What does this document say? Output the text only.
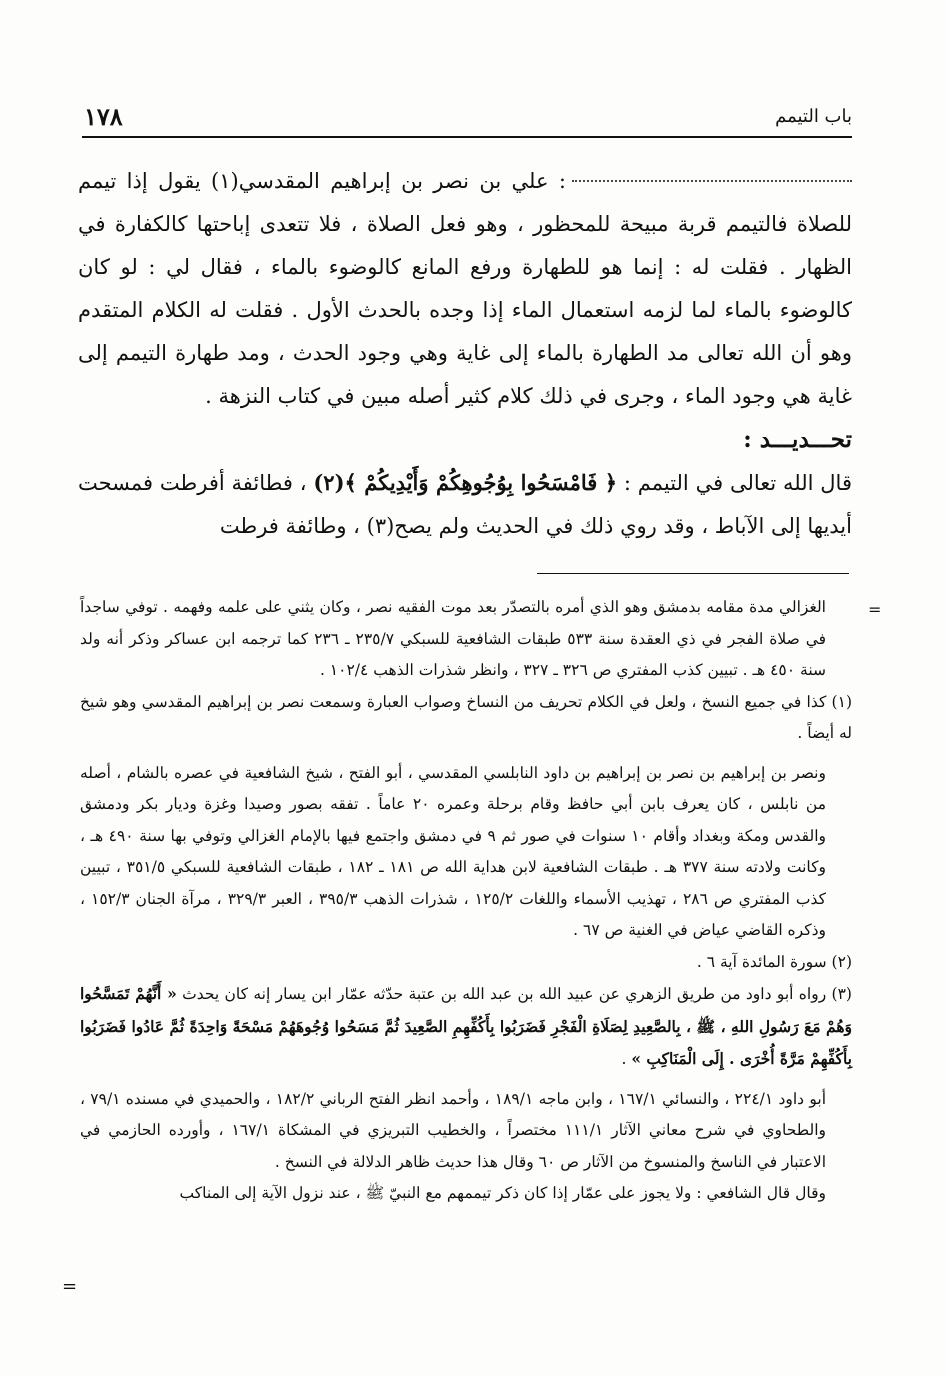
باب التيمم
١٧٨

: علي بن نصر بن إبراهيم المقدسي(١) يقول إذا تيمم للصلاة فالتيمم قربة مبيحة للمحظور ، وهو فعل الصلاة ، فلا تتعدى إباحتها كالكفارة في الظهار . فقلت له : إنما هو للطهارة ورفع المانع كالوضوء بالماء ، فقال لي : لو كان كالوضوء بالماء لما لزمه استعمال الماء إذا وجده بالحدث الأول . فقلت له الكلام المتقدم وهو أن الله تعالى مد الطهارة بالماء إلى غاية وهي وجود الحدث ، ومد طهارة التيمم إلى غاية هي وجود الماء ، وجرى في ذلك كلام كثير أصله مبين في كتاب النزهة .

تحـــديـــد :

قال الله تعالى في التيمم : ﴿ فَامْسَحُوا بِوُجُوهِكُمْ وَأَيْدِيكُمْ ﴾(٢) ، فطائفة أفرطت فمسحت أيديها إلى الآباط ، وقد روي ذلك في الحديث ولم يصح(٣) ، وطائفة فرطت

=

الغزالي مدة مقامه بدمشق وهو الذي أمره بالتصدّر بعد موت الفقيه نصر ، وكان يثني على علمه وفهمه . توفي ساجداً في صلاة الفجر في ذي العقدة سنة ٥٣٣ طبقات الشافعية للسبكي ٢٣٥/٧ ـ ٢٣٦ كما ترجمه ابن عساكر وذكر أنه ولد سنة ٤٥٠ هـ . تبيين كذب المفتري ص ٣٢٦ ـ ٣٢٧ ، وانظر شذرات الذهب ١٠٢/٤ .

(١) كذا في جميع النسخ ، ولعل في الكلام تحريف من النساخ وصواب العبارة وسمعت نصر بن إبراهيم المقدسي وهو شيخ له أيضاً .

ونصر بن إبراهيم بن نصر بن إبراهيم بن داود النابلسي المقدسي ، أبو الفتح ، شيخ الشافعية في عصره بالشام ، أصله من نابلس ، كان يعرف بابن أبي حافظ وقام برحلة وعمره ٢٠ عاماً . تفقه بصور وصيدا وغزة وديار بكر ودمشق والقدس ومكة وبغداد وأقام ١٠ سنوات في صور ثم ٩ في دمشق واجتمع فيها بالإمام الغزالي وتوفي بها سنة ٤٩٠ هـ ، وكانت ولادته سنة ٣٧٧ هـ . طبقات الشافعية لابن هداية الله ص ١٨١ ـ ١٨٢ ، طبقات الشافعية للسبكي ٣٥١/٥ ، تبيين كذب المفتري ص ٢٨٦ ، تهذيب الأسماء واللغات ١٢٥/٢ ، شذرات الذهب ٣٩٥/٣ ، العبر ٣٢٩/٣ ، مرآة الجنان ١٥٢/٣ ، وذكره القاضي عياض في الغنية ص ٦٧ .

(٢) سورة المائدة آية ٦ .

(٣) رواه أبو داود من طريق الزهري عن عبيد الله بن عبد الله بن عتبة حدّثه عمّار ابن يسار إنه كان يحدث « أَنَّهُمْ تَمَسَّحُوا وَهُمْ مَعَ رَسُولِ اللهِ ، ﷺ ، بِالصَّعِيدِ لِصَلَاةِ الْفَجْرِ فَضَرَبُوا بِأَكُفِّهِمِ الصَّعِيدَ ثُمَّ مَسَحُوا وُجُوهَهُمْ مَسْحَةً وَاحِدَةً ثُمَّ عَادُوا فَضَرَبُوا بِأَكُفِّهِمْ مَرَّةً أُخْرَى . إِلَى الْمَنَاكِبِ » .

أبو داود ٢٢٤/١ ، والنسائي ١٦٧/١ ، وابن ماجه ١٨٩/١ ، وأحمد انظر الفتح الرباني ١٨٢/٢ ، والحميدي في مسنده ٧٩/١ ، والطحاوي في شرح معاني الآثار ١١١/١ مختصراً ، والخطيب التبريزي في المشكاة ١٦٧/١ ، وأورده الحازمي في الاعتبار في الناسخ والمنسوخ من الآثار ص ٦٠ وقال هذا حديث ظاهر الدلالة في النسخ .

وقال قال الشافعي : ولا يجوز على عمّار إذا كان ذكر تيممهم مع النبيّ ﷺ ، عند نزول الآية إلى المناكب

=
